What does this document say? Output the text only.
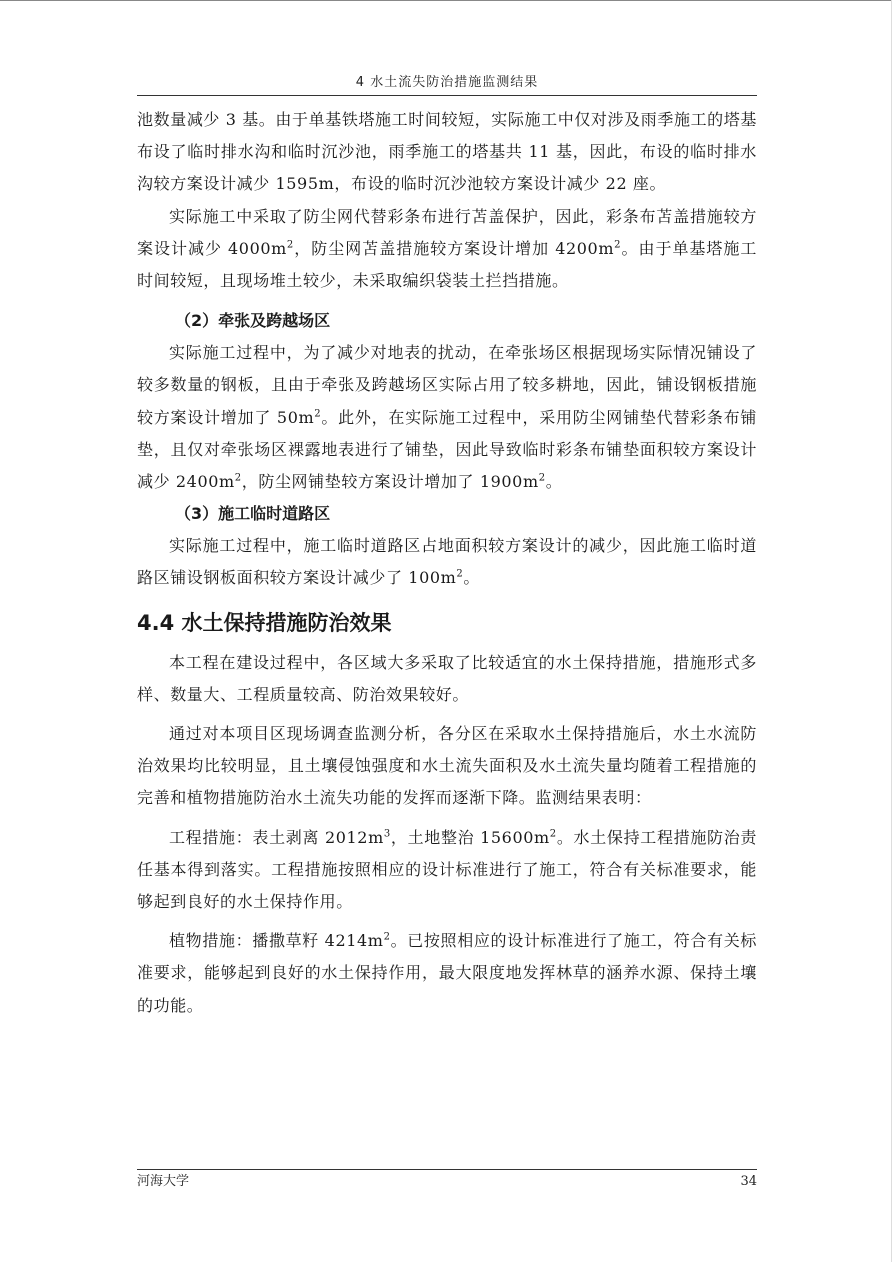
4 水土流失防治措施监测结果

池数量减少 3 基。由于单基铁塔施工时间较短，实际施工中仅对涉及雨季施工的塔基布设了临时排水沟和临时沉沙池，雨季施工的塔基共 11 基，因此，布设的临时排水沟较方案设计减少 1595m，布设的临时沉沙池较方案设计减少 22 座。

实际施工中采取了防尘网代替彩条布进行苫盖保护，因此，彩条布苫盖措施较方案设计减少 $4000m^2$，防尘网苫盖措施较方案设计增加 $4200m^2$。由于单基塔施工时间较短，且现场堆土较少，未采取编织袋装土拦挡措施。

（2）牵张及跨越场区

实际施工过程中，为了减少对地表的扰动，在牵张场区根据现场实际情况铺设了较多数量的钢板，且由于牵张及跨越场区实际占用了较多耕地，因此，铺设钢板措施较方案设计增加了 $50m^2$。此外，在实际施工过程中，采用防尘网铺垫代替彩条布铺垫，且仅对牵张场区裸露地表进行了铺垫，因此导致临时彩条布铺垫面积较方案设计减少 $2400m^2$，防尘网铺垫较方案设计增加了 $1900m^2$。

（3）施工临时道路区

实际施工过程中，施工临时道路区占地面积较方案设计的减少，因此施工临时道路区铺设钢板面积较方案设计减少了 $100m^2$。

4.4 水土保持措施防治效果

本工程在建设过程中，各区域大多采取了比较适宜的水土保持措施，措施形式多样、数量大、工程质量较高、防治效果较好。

通过对本项目区现场调查监测分析，各分区在采取水土保持措施后，水土水流防治效果均比较明显，且土壤侵蚀强度和水土流失面积及水土流失量均随着工程措施的完善和植物措施防治水土流失功能的发挥而逐渐下降。监测结果表明：

工程措施：表土剥离 $2012m^3$，土地整治 $15600m^2$。水土保持工程措施防治责任基本得到落实。工程措施按照相应的设计标准进行了施工，符合有关标准要求，能够起到良好的水土保持作用。

植物措施：播撒草籽 $4214m^2$。已按照相应的设计标准进行了施工，符合有关标准要求，能够起到良好的水土保持作用，最大限度地发挥林草的涵养水源、保持土壤的功能。

河海大学	34
